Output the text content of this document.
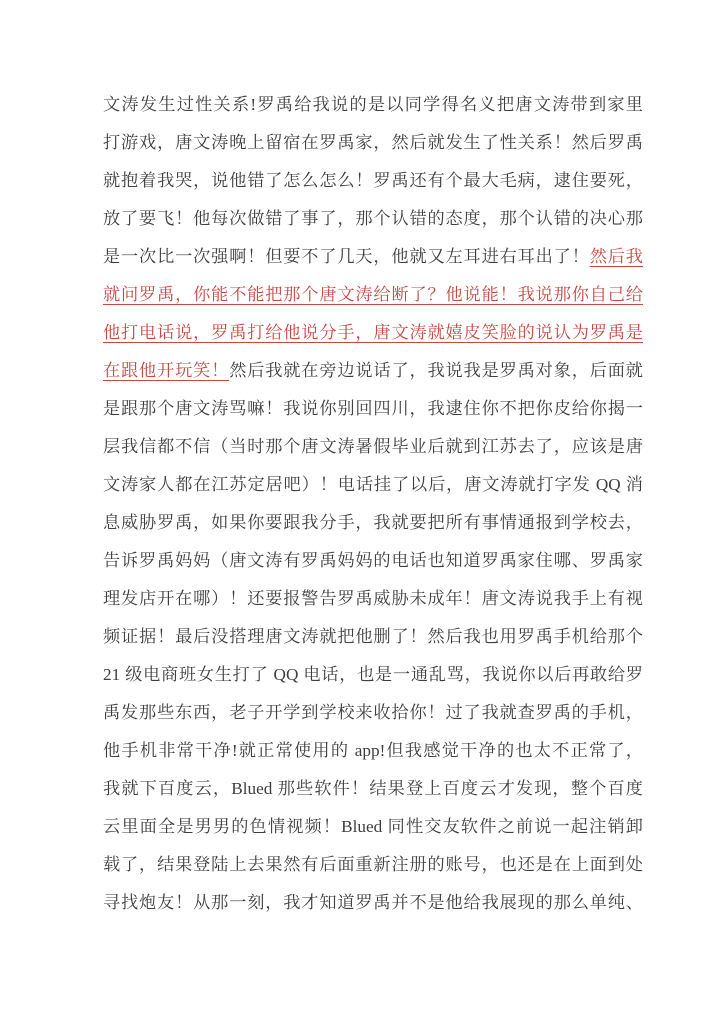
文涛发生过性关系!罗禹给我说的是以同学得名义把唐文涛带到家里
打游戏，唐文涛晚上留宿在罗禹家，然后就发生了性关系！然后罗禹
就抱着我哭，说他错了怎么怎么！罗禹还有个最大毛病，逮住要死，
放了要飞！他每次做错了事了，那个认错的态度，那个认错的决心那
是一次比一次强啊！但要不了几天，他就又左耳进右耳出了！然后我
就问罗禹，你能不能把那个唐文涛给断了？他说能！我说那你自己给
他打电话说，罗禹打给他说分手，唐文涛就嬉皮笑脸的说认为罗禹是
在跟他开玩笑！然后我就在旁边说话了，我说我是罗禹对象，后面就
是跟那个唐文涛骂嘛！我说你别回四川，我逮住你不把你皮给你揭一
层我信都不信（当时那个唐文涛暑假毕业后就到江苏去了，应该是唐
文涛家人都在江苏定居吧）！电话挂了以后，唐文涛就打字发 QQ 消
息威胁罗禹，如果你要跟我分手，我就要把所有事情通报到学校去，
告诉罗禹妈妈（唐文涛有罗禹妈妈的电话也知道罗禹家住哪、罗禹家
理发店开在哪）！还要报警告罗禹威胁未成年！唐文涛说我手上有视
频证据！最后没搭理唐文涛就把他删了！然后我也用罗禹手机给那个
21 级电商班女生打了 QQ 电话，也是一通乱骂，我说你以后再敢给罗
禹发那些东西，老子开学到学校来收拾你！过了我就查罗禹的手机，
他手机非常干净!就正常使用的 app!但我感觉干净的也太不正常了，
我就下百度云，Blued 那些软件！结果登上百度云才发现，整个百度
云里面全是男男的色情视频！Blued 同性交友软件之前说一起注销卸
载了，结果登陆上去果然有后面重新注册的账号，也还是在上面到处
寻找炮友！从那一刻，我才知道罗禹并不是他给我展现的那么单纯、
